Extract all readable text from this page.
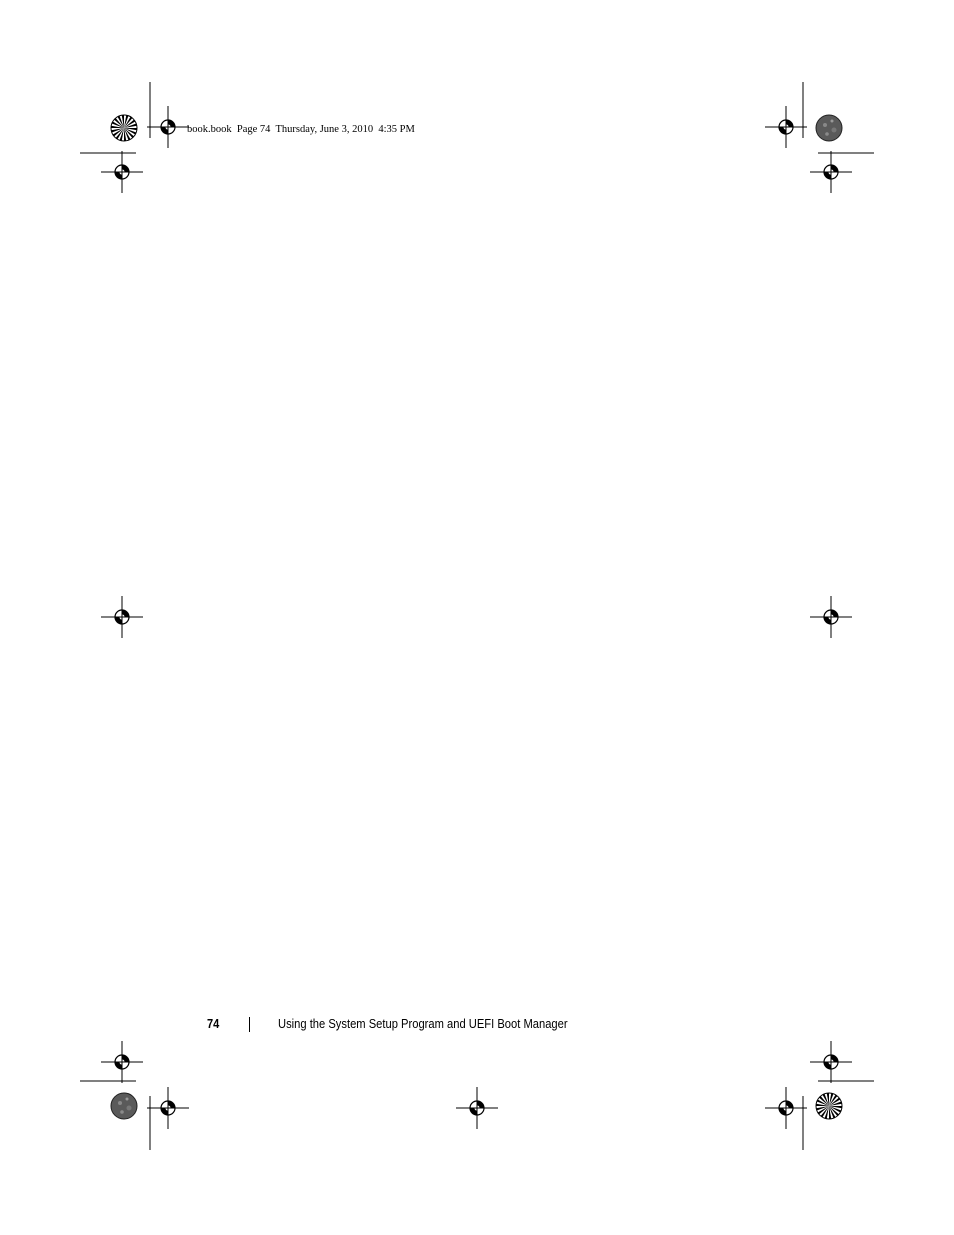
book.book  Page 74  Thursday, June 3, 2010  4:35 PM
74	Using the System Setup Program and UEFI Boot Manager
